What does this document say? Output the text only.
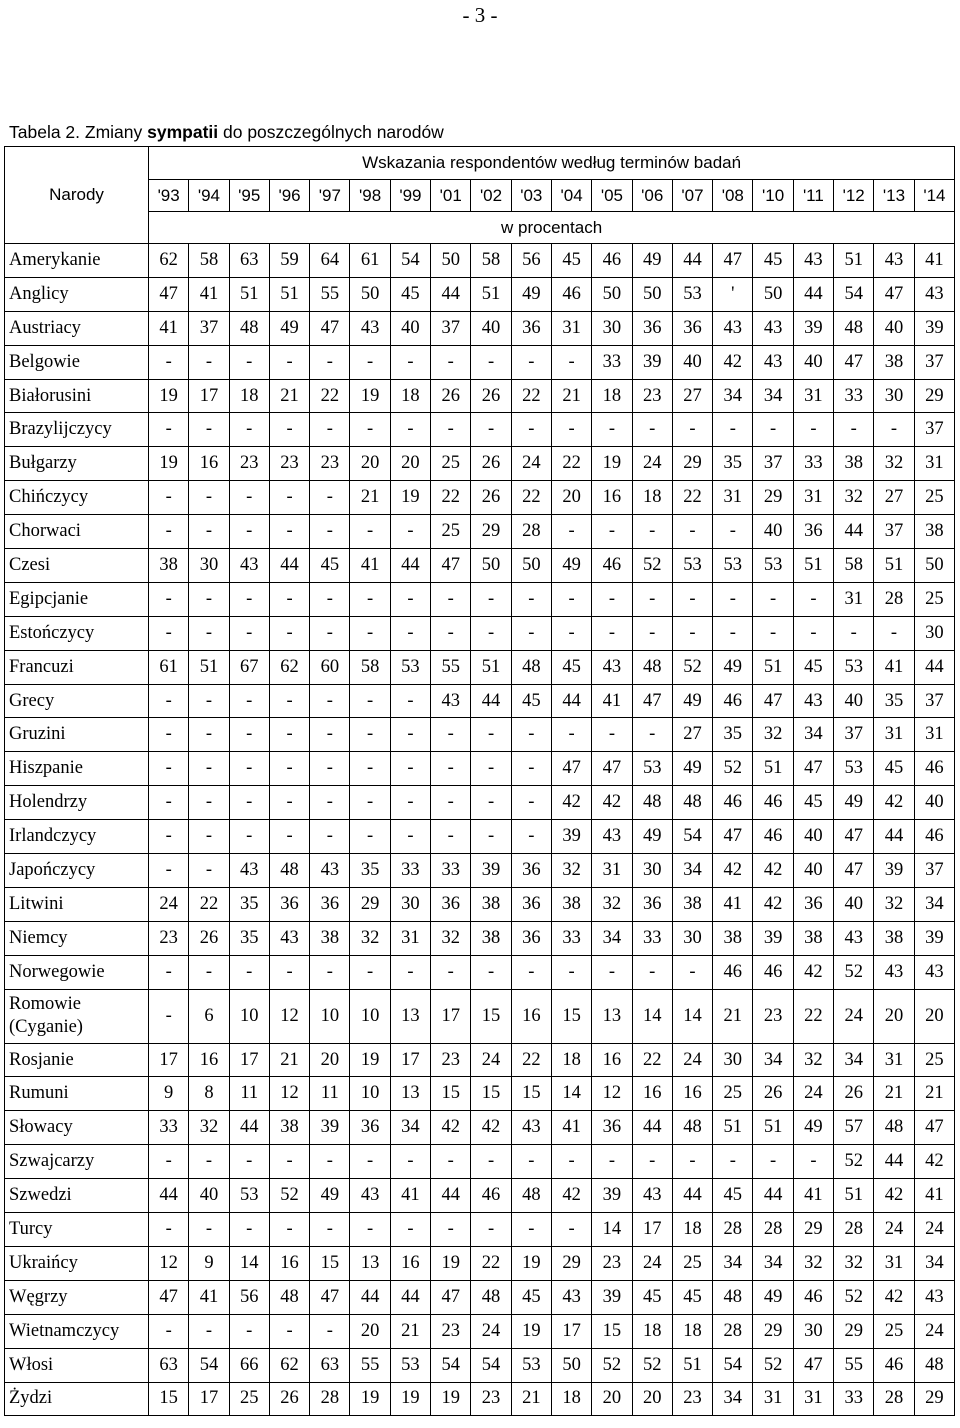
- 3 -
Tabela 2. Zmiany sympatii do poszczególnych narodów
Narody	Wskazania respondentów według terminów badań																			
	'93	'94	'95	'96	'97	'98	'99	'01	'02	'03	'04	'05	'06	'07	'08	'10	'11	'12	'13	'14
	w procentach																			
Amerykanie	62	58	63	59	64	61	54	50	58	56	45	46	49	44	47	45	43	51	43	41
Anglicy	47	41	51	51	55	50	45	44	51	49	46	50	50	53	'	50	44	54	47	43
Austriacy	41	37	48	49	47	43	40	37	40	36	31	30	36	36	43	43	39	48	40	39
Belgowie	-	-	-	-	-	-	-	-	-	-	-	33	39	40	42	43	40	47	38	37
Białorusini	19	17	18	21	22	19	18	26	26	22	21	18	23	27	34	34	31	33	30	29
Brazylijczycy	-	-	-	-	-	-	-	-	-	-	-	-	-	-	-	-	-	-	-	37
Bułgarzy	19	16	23	23	23	20	20	25	26	24	22	19	24	29	35	37	33	38	32	31
Chińczycy	-	-	-	-	-	21	19	22	26	22	20	16	18	22	31	29	31	32	27	25
Chorwaci	-	-	-	-	-	-	-	25	29	28	-	-	-	-	-	40	36	44	37	38
Czesi	38	30	43	44	45	41	44	47	50	50	49	46	52	53	53	53	51	58	51	50
Egipcjanie	-	-	-	-	-	-	-	-	-	-	-	-	-	-	-	-	-	31	28	25
Estończycy	-	-	-	-	-	-	-	-	-	-	-	-	-	-	-	-	-	-	-	30
Francuzi	61	51	67	62	60	58	53	55	51	48	45	43	48	52	49	51	45	53	41	44
Grecy	-	-	-	-	-	-	-	43	44	45	44	41	47	49	46	47	43	40	35	37
Gruzini	-	-	-	-	-	-	-	-	-	-	-	-	-	27	35	32	34	37	31	31
Hiszpanie	-	-	-	-	-	-	-	-	-	-	47	47	53	49	52	51	47	53	45	46
Holendrzy	-	-	-	-	-	-	-	-	-	-	42	42	48	48	46	46	45	49	42	40
Irlandczycy	-	-	-	-	-	-	-	-	-	-	39	43	49	54	47	46	40	47	44	46
Japończycy	-	-	43	48	43	35	33	33	39	36	32	31	30	34	42	42	40	47	39	37
Litwini	24	22	35	36	36	29	30	36	38	36	38	32	36	38	41	42	36	40	32	34
Niemcy	23	26	35	43	38	32	31	32	38	36	33	34	33	30	38	39	38	43	38	39
Norwegowie	-	-	-	-	-	-	-	-	-	-	-	-	-	-	46	46	42	52	43	43
Romowie
(Cyganie)	-	6	10	12	10	10	13	17	15	16	15	13	14	14	21	23	22	24	20	20
Rosjanie	17	16	17	21	20	19	17	23	24	22	18	16	22	24	30	34	32	34	31	25
Rumuni	9	8	11	12	11	10	13	15	15	15	14	12	16	16	25	26	24	26	21	21
Słowacy	33	32	44	38	39	36	34	42	42	43	41	36	44	48	51	51	49	57	48	47
Szwajcarzy	-	-	-	-	-	-	-	-	-	-	-	-	-	-	-	-	-	52	44	42
Szwedzi	44	40	53	52	49	43	41	44	46	48	42	39	43	44	45	44	41	51	42	41
Turcy	-	-	-	-	-	-	-	-	-	-	-	14	17	18	28	28	29	28	24	24
Ukraińcy	12	9	14	16	15	13	16	19	22	19	29	23	24	25	34	34	32	32	31	34
Węgrzy	47	41	56	48	47	44	44	47	48	45	43	39	45	45	48	49	46	52	42	43
Wietnamczycy	-	-	-	-	-	20	21	23	24	19	17	15	18	18	28	29	30	29	25	24
Włosi	63	54	66	62	63	55	53	54	54	53	50	52	52	51	54	52	47	55	46	48
Żydzi	15	17	25	26	28	19	19	19	23	21	18	20	20	23	34	31	31	33	28	29
